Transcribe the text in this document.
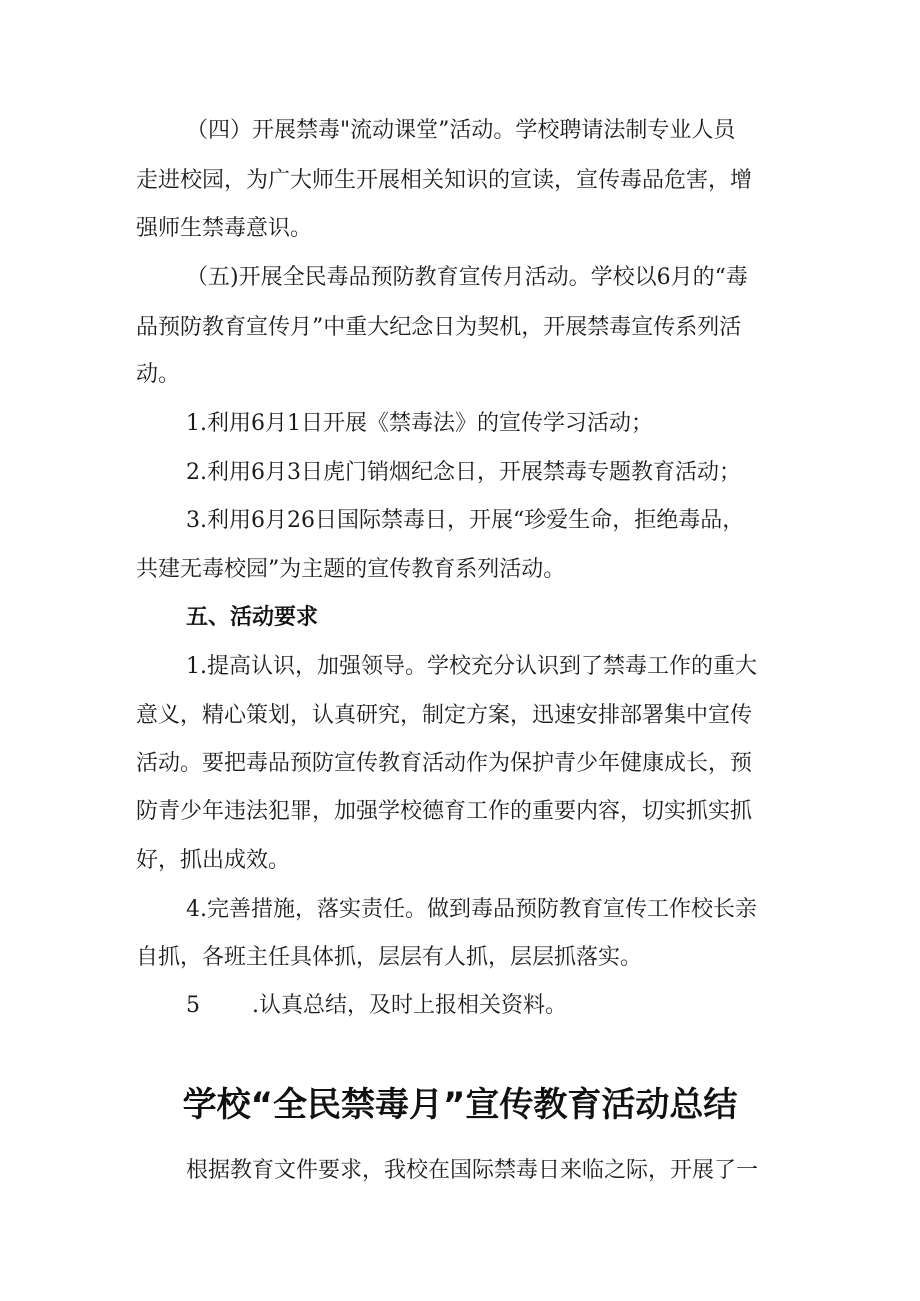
（四）开展禁毒"流动课堂”活动。学校聘请法制专业人员
走进校园，为广大师生开展相关知识的宣读，宣传毒品危害，增
强师生禁毒意识。
（五)开展全民毒品预防教育宣传月活动。学校以6月的“毒
品预防教育宣传月”中重大纪念日为契机，开展禁毒宣传系列活
动。
1.利用6月1日开展《禁毒法》的宣传学习活动；
2.利用6月3日虎门销烟纪念日，开展禁毒专题教育活动；
3.利用6月26日国际禁毒日，开展“珍爱生命，拒绝毒品，
共建无毒校园”为主题的宣传教育系列活动。
五、活动要求
1.提高认识，加强领导。学校充分认识到了禁毒工作的重大
意义，精心策划，认真研究，制定方案，迅速安排部署集中宣传
活动。要把毒品预防宣传教育活动作为保护青少年健康成长，预
防青少年违法犯罪，加强学校德育工作的重要内容，切实抓实抓
好，抓出成效。
4.完善措施，落实责任。做到毒品预防教育宣传工作校长亲
自抓，各班主任具体抓，层层有人抓，层层抓落实。
5 .认真总结，及时上报相关资料。
学校“全民禁毒月”宣传教育活动总结
根据教育文件要求，我校在国际禁毒日来临之际，开展了一
